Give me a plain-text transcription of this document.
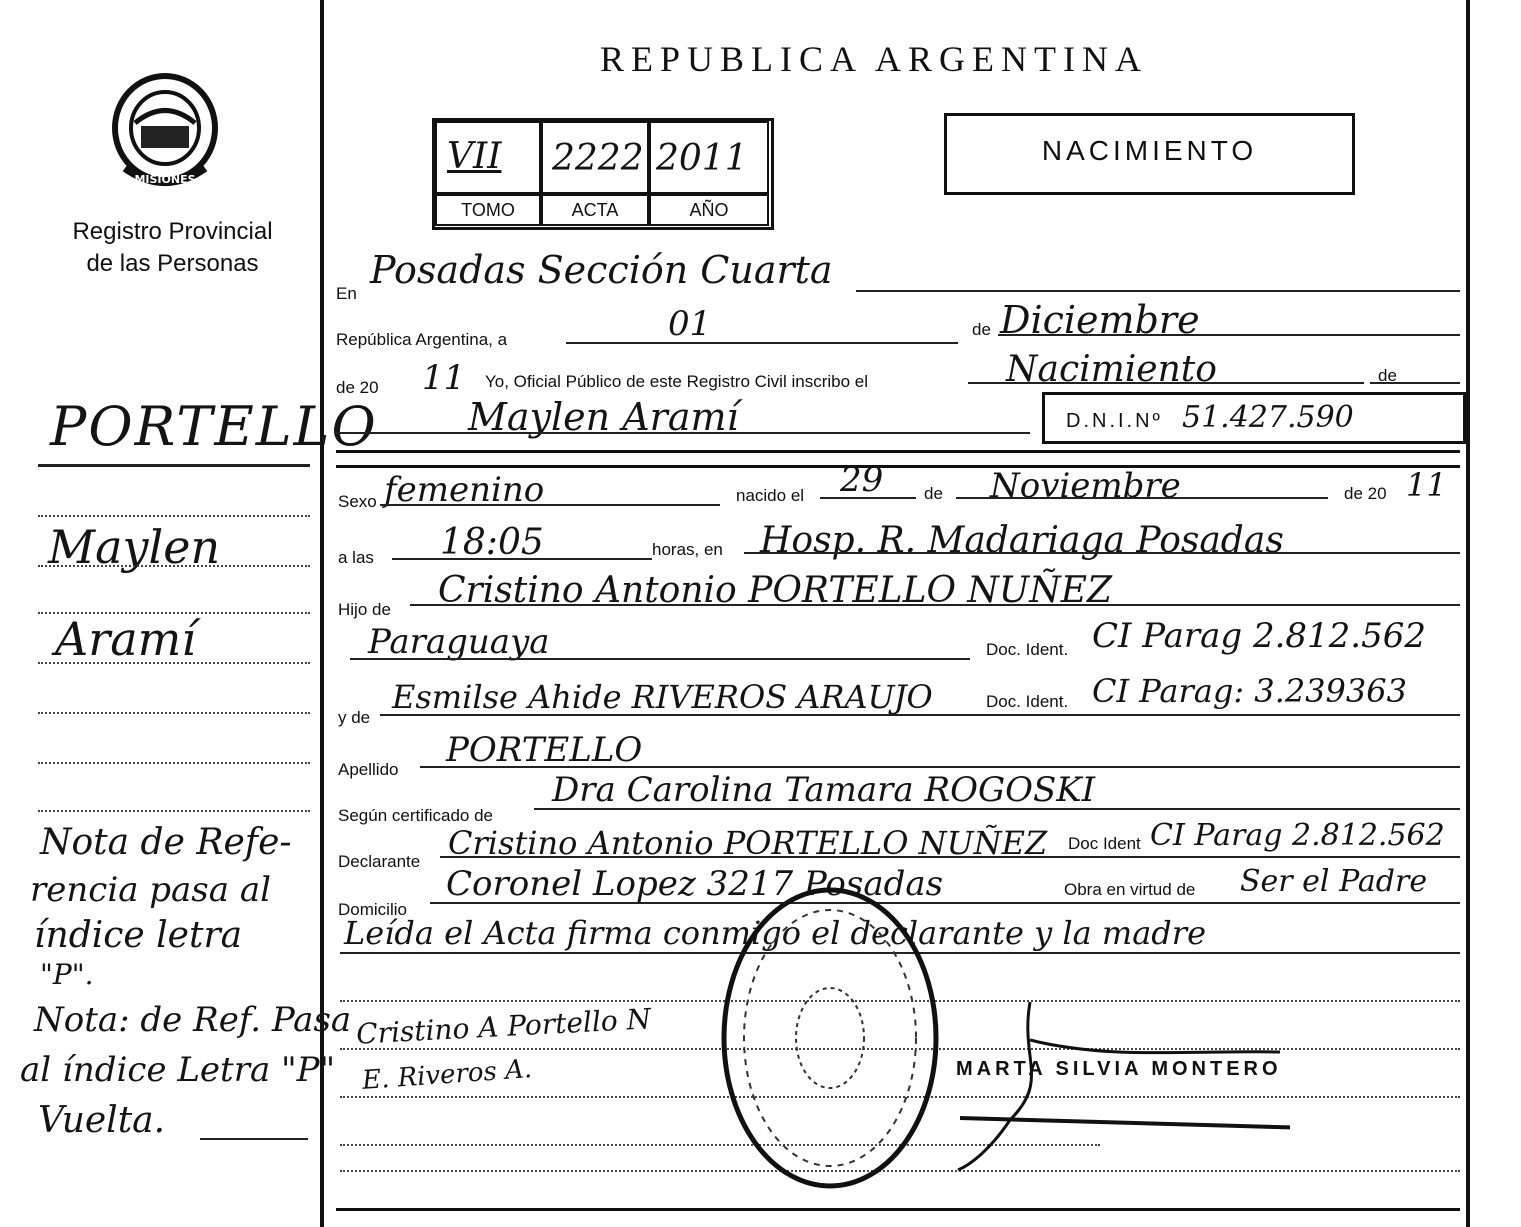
MISIONES
Registro Provincial
de las Personas
PORTELLO
Maylen
Aramí
Nota de Refe-
rencia pasa al
índice letra
"P".
Nota: de Ref. Pasa
al índice Letra "P"
Vuelta.
REPUBLICA ARGENTINA
VII 2222 2011
TOMO	ACTA	AÑO
NACIMIENTO
En
Posadas Sección Cuarta
República Argentina, a	01	de Diciembre
de 20 11 Yo, Oficial Público de este Registro Civil inscribo el	Nacimiento	de
Maylen Aramí	D.N.I.Nº 51.427.590
Sexo femenino	nacido el 29 de Noviembre	de 20 11
a las 18:05	horas, en Hosp. R. Madariaga Posadas
Hijo de Cristino Antonio PORTELLO NUÑEZ
Paraguaya	Doc. Ident. CI Parag 2.812.562
y de
Esmilse Ahide RIVEROS ARAUJO	Doc. Ident. CI Parag: 3.239363
Apellido PORTELLO
Según certificado de
Dra Carolina Tamara ROGOSKI
Declarante Cristino Antonio PORTELLO NUÑEZ Doc Ident CI Parag 2.812.562
Domicilio
Coronel Lopez 3217 Posadas	Obra en virtud de Ser el Padre
Leída el Acta firma conmigo el declarante y la madre
Cristino A Portello N
E. Riveros A.	MARTA SILVIA MONTERO
